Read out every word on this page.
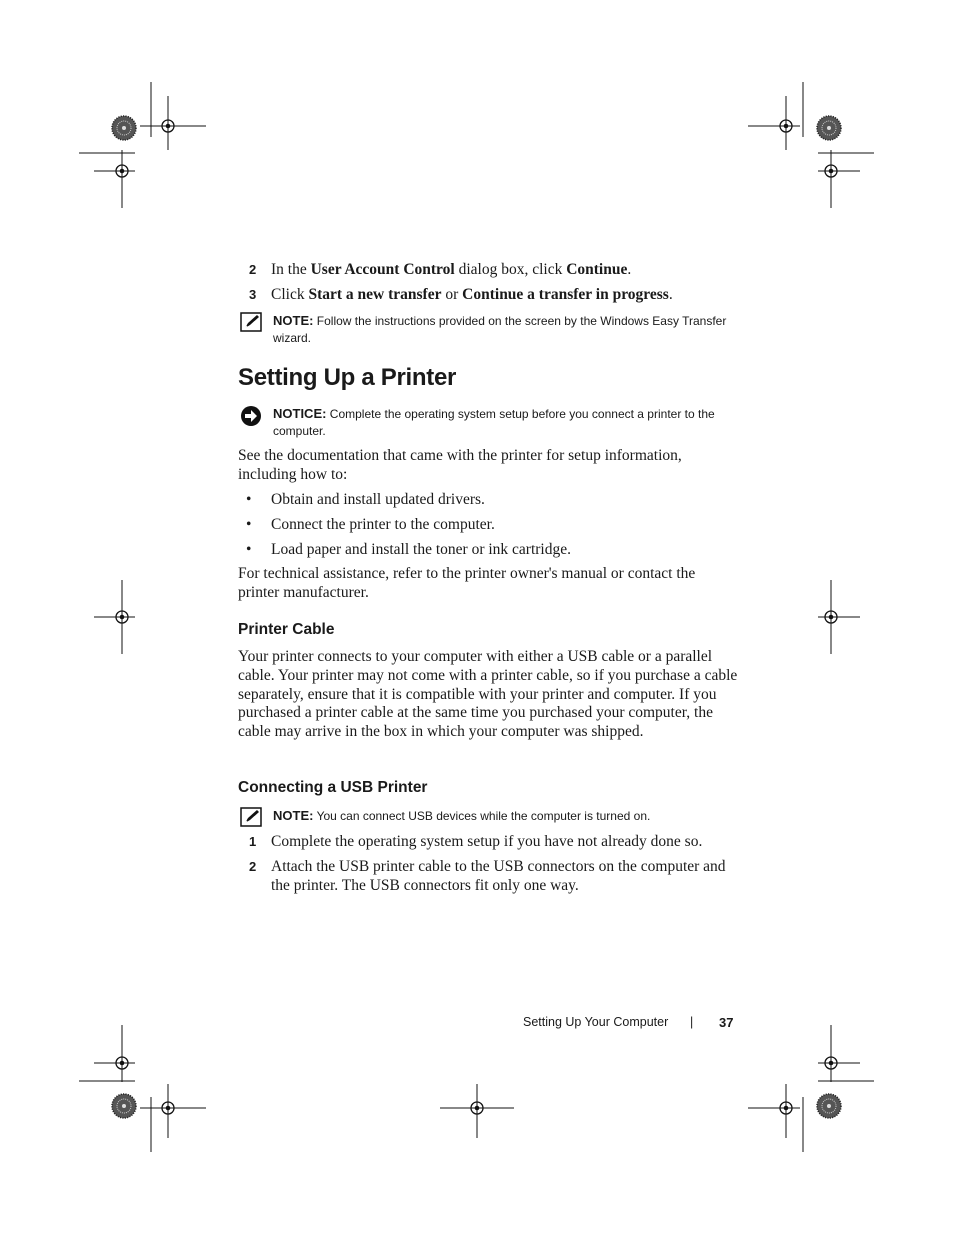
2 In the User Account Control dialog box, click Continue.
3 Click Start a new transfer or Continue a transfer in progress.
NOTE: Follow the instructions provided on the screen by the Windows Easy Transfer wizard.
Setting Up a Printer
NOTICE: Complete the operating system setup before you connect a printer to the computer.
See the documentation that came with the printer for setup information, including how to:
• Obtain and install updated drivers.
• Connect the printer to the computer.
• Load paper and install the toner or ink cartridge.
For technical assistance, refer to the printer owner's manual or contact the printer manufacturer.
Printer Cable
Your printer connects to your computer with either a USB cable or a parallel cable. Your printer may not come with a printer cable, so if you purchase a cable separately, ensure that it is compatible with your printer and computer. If you purchased a printer cable at the same time you purchased your computer, the cable may arrive in the box in which your computer was shipped.
Connecting a USB Printer
NOTE: You can connect USB devices while the computer is turned on.
1 Complete the operating system setup if you have not already done so.
2 Attach the USB printer cable to the USB connectors on the computer and the printer. The USB connectors fit only one way.
Setting Up Your Computer | 37
